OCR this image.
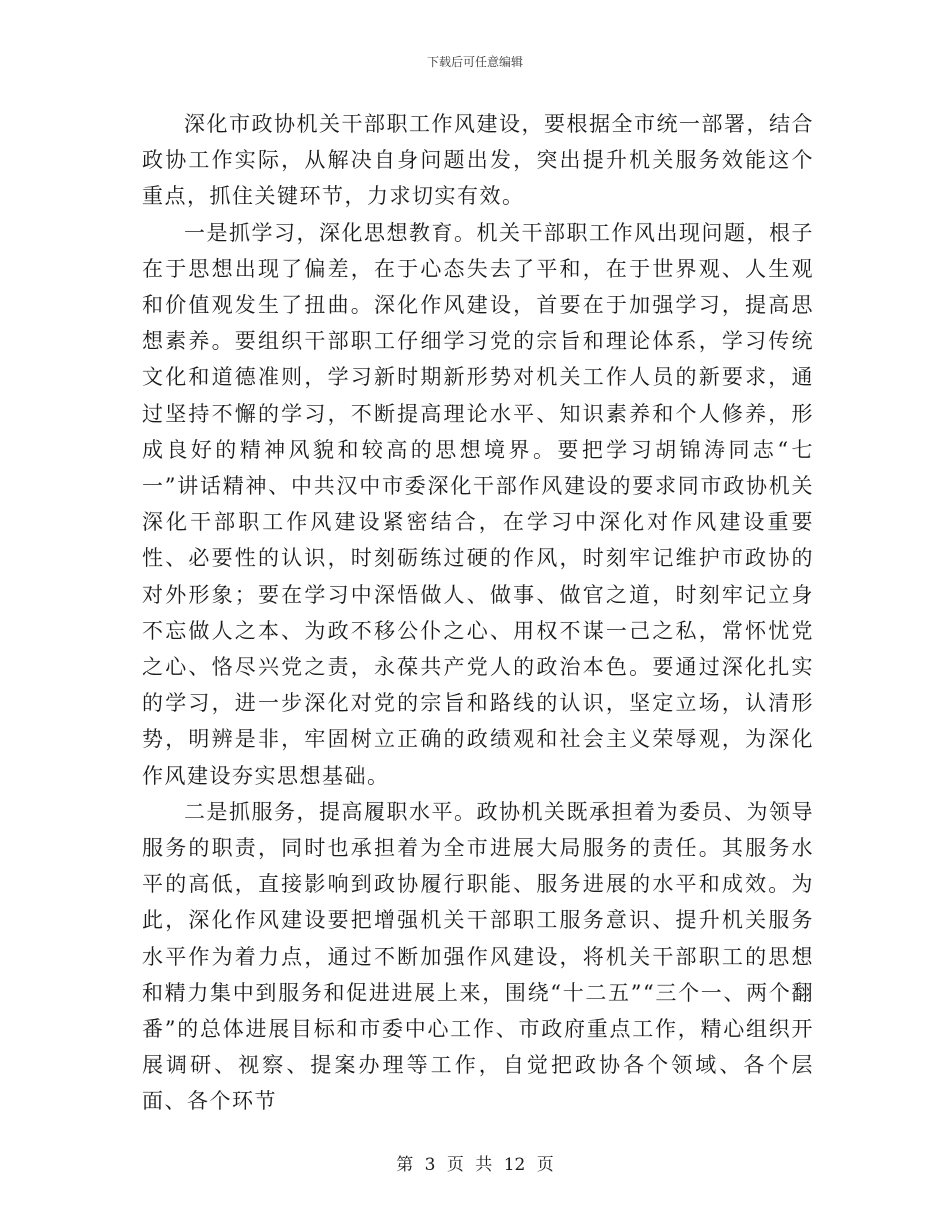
下载后可任意编辑

深化市政协机关干部职工作风建设，要根据全市统一部署，结合政协工作实际，从解决自身问题出发，突出提升机关服务效能这个重点，抓住关键环节，力求切实有效。

一是抓学习，深化思想教育。机关干部职工作风出现问题，根子在于思想出现了偏差，在于心态失去了平和，在于世界观、人生观和价值观发生了扭曲。深化作风建设，首要在于加强学习，提高思想素养。要组织干部职工仔细学习党的宗旨和理论体系，学习传统文化和道德准则，学习新时期新形势对机关工作人员的新要求，通过坚持不懈的学习，不断提高理论水平、知识素养和个人修养，形成良好的精神风貌和较高的思想境界。要把学习胡锦涛同志“七一”讲话精神、中共汉中市委深化干部作风建设的要求同市政协机关深化干部职工作风建设紧密结合，在学习中深化对作风建设重要性、必要性的认识，时刻砺练过硬的作风，时刻牢记维护市政协的对外形象；要在学习中深悟做人、做事、做官之道，时刻牢记立身不忘做人之本、为政不移公仆之心、用权不谋一己之私，常怀忧党之心、恪尽兴党之责，永葆共产党人的政治本色。要通过深化扎实的学习，进一步深化对党的宗旨和路线的认识，坚定立场，认清形势，明辨是非，牢固树立正确的政绩观和社会主义荣辱观，为深化作风建设夯实思想基础。

二是抓服务，提高履职水平。政协机关既承担着为委员、为领导服务的职责，同时也承担着为全市进展大局服务的责任。其服务水平的高低，直接影响到政协履行职能、服务进展的水平和成效。为此，深化作风建设要把增强机关干部职工服务意识、提升机关服务水平作为着力点，通过不断加强作风建设，将机关干部职工的思想和精力集中到服务和促进进展上来，围绕“十二五”“三个一、两个翻番”的总体进展目标和市委中心工作、市政府重点工作，精心组织开展调研、视察、提案办理等工作，自觉把政协各个领域、各个层面、各个环节

第 3 页 共 12 页
